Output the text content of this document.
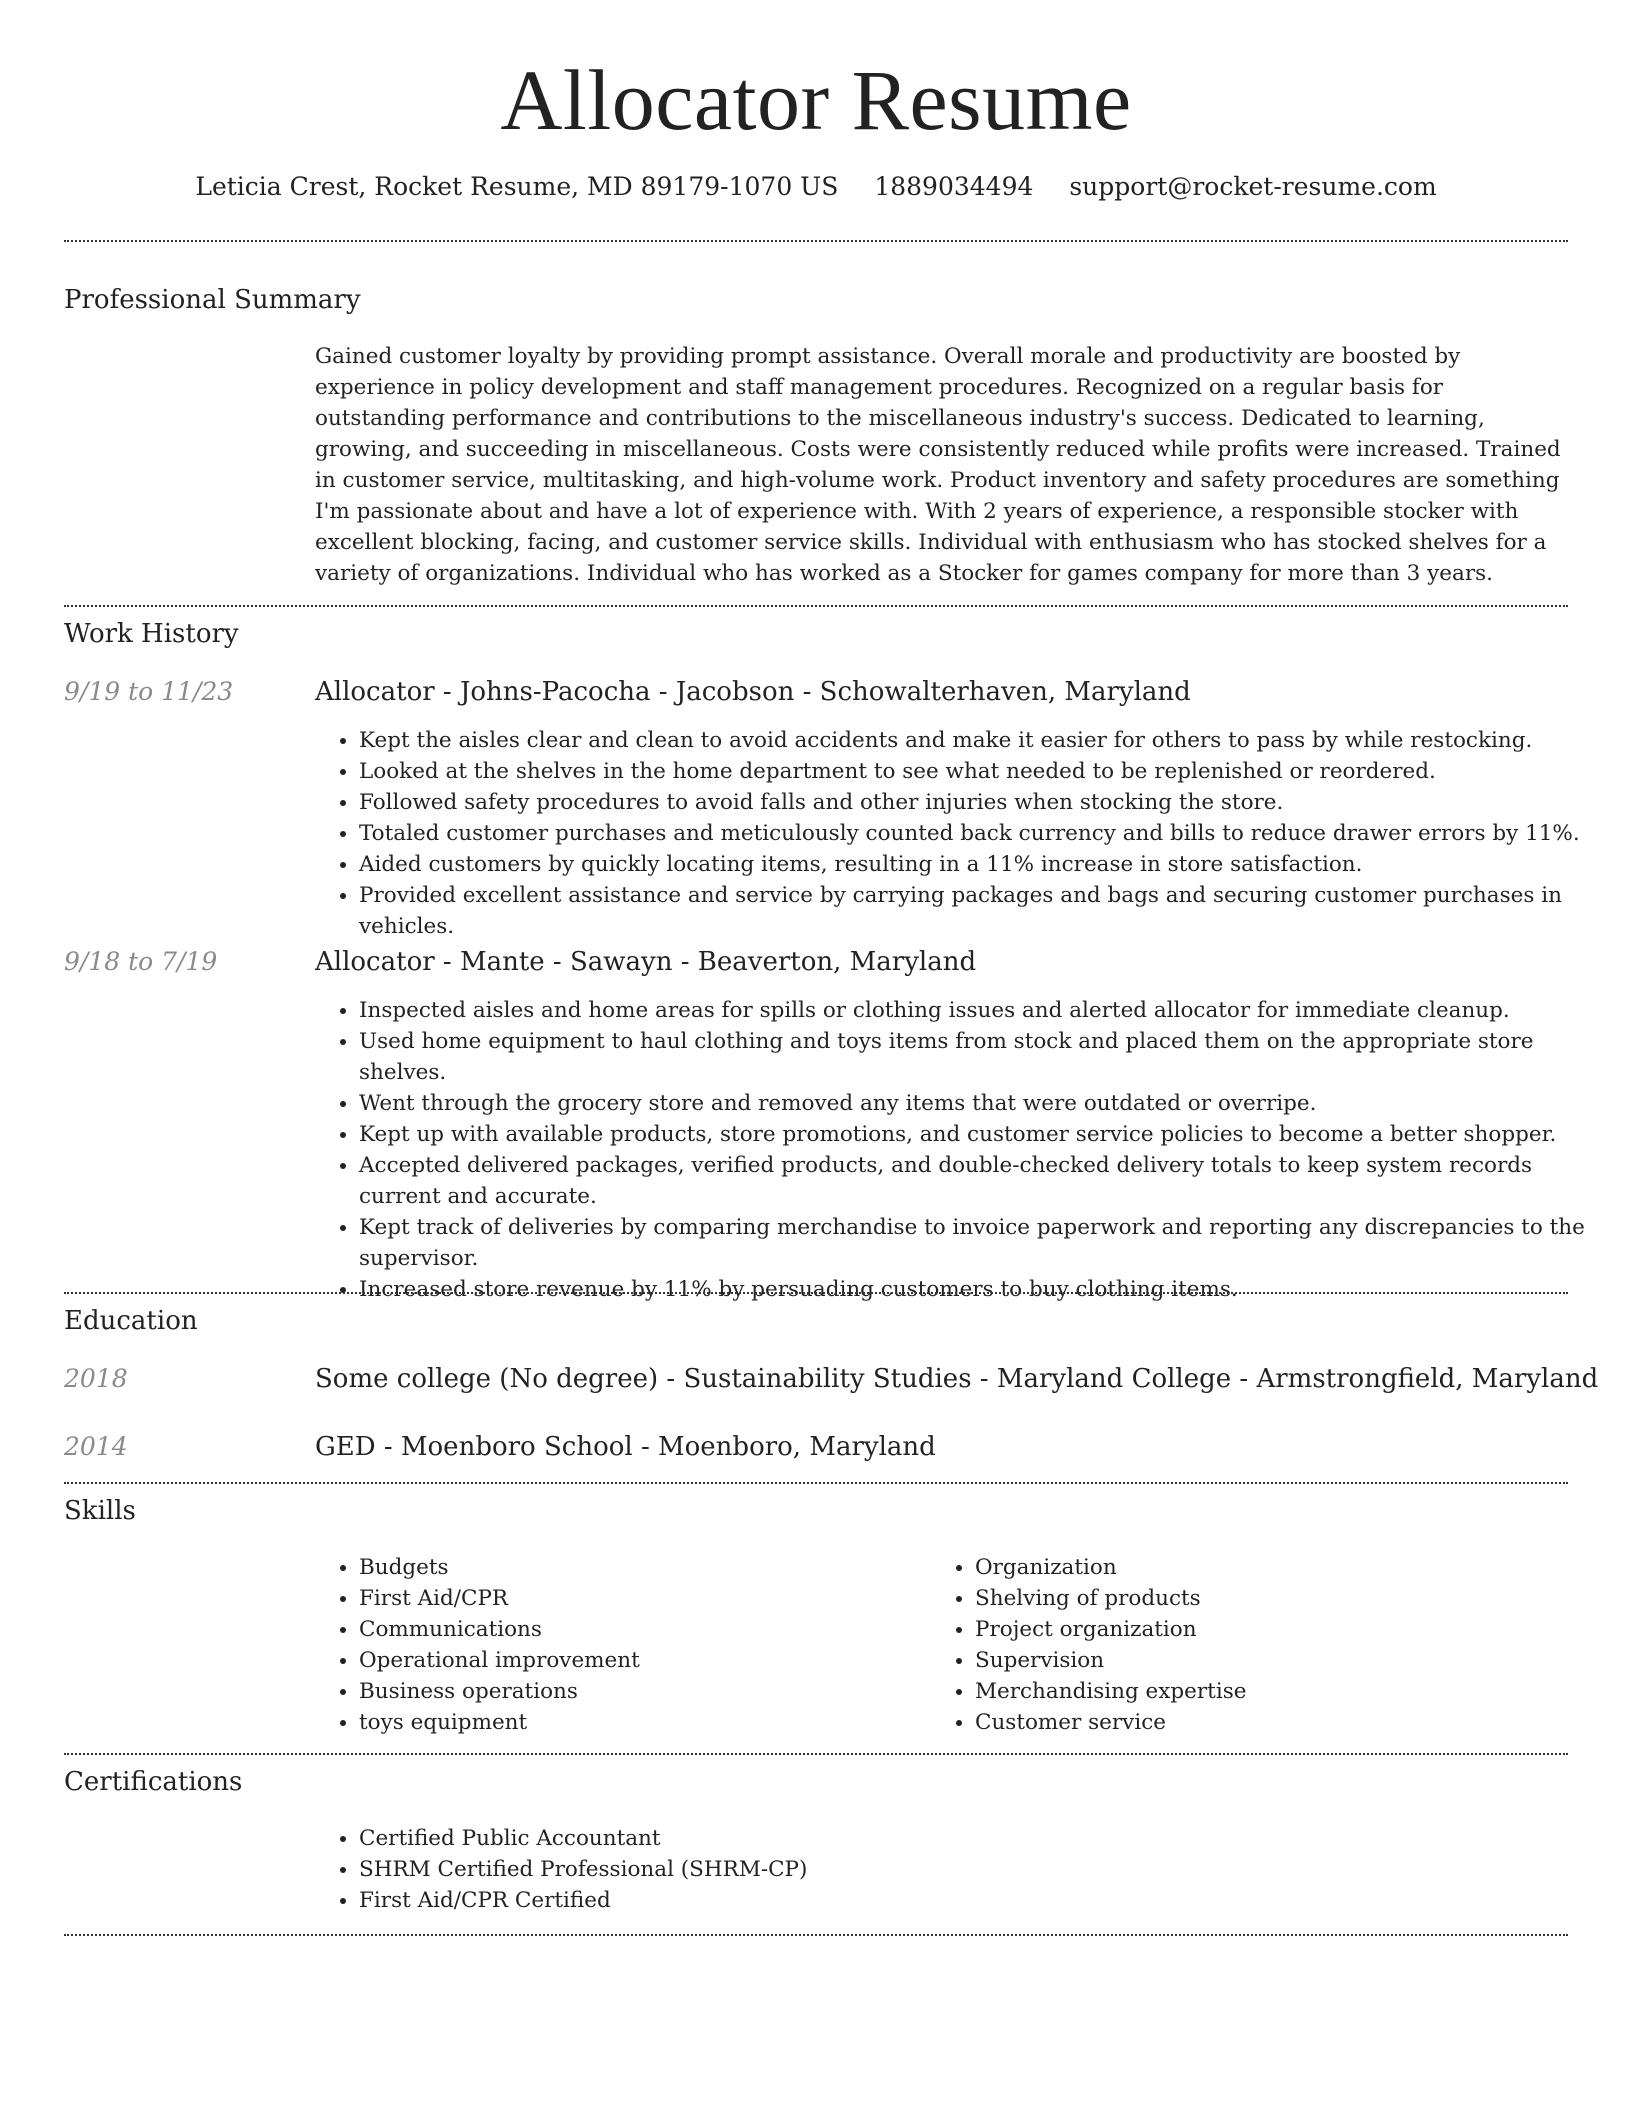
Allocator Resume
Leticia Crest, Rocket Resume, MD 89179-1070 US 1889034494 support@rocket-resume.com
Professional Summary

Gained customer loyalty by providing prompt assistance. Overall morale and productivity are boosted by experience in policy development and staff management procedures. Recognized on a regular basis for outstanding performance and contributions to the miscellaneous industry's success. Dedicated to learning, growing, and succeeding in miscellaneous. Costs were consistently reduced while profits were increased. Trained in customer service, multitasking, and high-volume work. Product inventory and safety procedures are something I'm passionate about and have a lot of experience with. With 2 years of experience, a responsible stocker with excellent blocking, facing, and customer service skills. Individual with enthusiasm who has stocked shelves for a variety of organizations. Individual who has worked as a Stocker for games company for more than 3 years.

Work History
9/19 to 11/23	Allocator - Johns-Pacocha - Jacobson - Schowalterhaven, Maryland
• Kept the aisles clear and clean to avoid accidents and make it easier for others to pass by while restocking.
• Looked at the shelves in the home department to see what needed to be replenished or reordered.
• Followed safety procedures to avoid falls and other injuries when stocking the store.
• Totaled customer purchases and meticulously counted back currency and bills to reduce drawer errors by 11%.
• Aided customers by quickly locating items, resulting in a 11% increase in store satisfaction.
• Provided excellent assistance and service by carrying packages and bags and securing customer purchases in vehicles.
9/18 to 7/19	Allocator - Mante - Sawayn - Beaverton, Maryland
• Inspected aisles and home areas for spills or clothing issues and alerted allocator for immediate cleanup.
• Used home equipment to haul clothing and toys items from stock and placed them on the appropriate store shelves.
• Went through the grocery store and removed any items that were outdated or overripe.
• Kept up with available products, store promotions, and customer service policies to become a better shopper.
• Accepted delivered packages, verified products, and double-checked delivery totals to keep system records current and accurate.
• Kept track of deliveries by comparing merchandise to invoice paperwork and reporting any discrepancies to the supervisor.
• Increased store revenue by 11% by persuading customers to buy clothing items.
Education
2018	Some college (No degree) - Sustainability Studies - Maryland College - Armstrongfield, Maryland
2014	GED - Moenboro School - Moenboro, Maryland
Skills
• Budgets
• First Aid/CPR
• Communications
• Operational improvement
• Business operations
• toys equipment
• Organization
• Shelving of products
• Project organization
• Supervision
• Merchandising expertise
• Customer service
Certifications
• Certified Public Accountant
• SHRM Certified Professional (SHRM-CP)
• First Aid/CPR Certified
